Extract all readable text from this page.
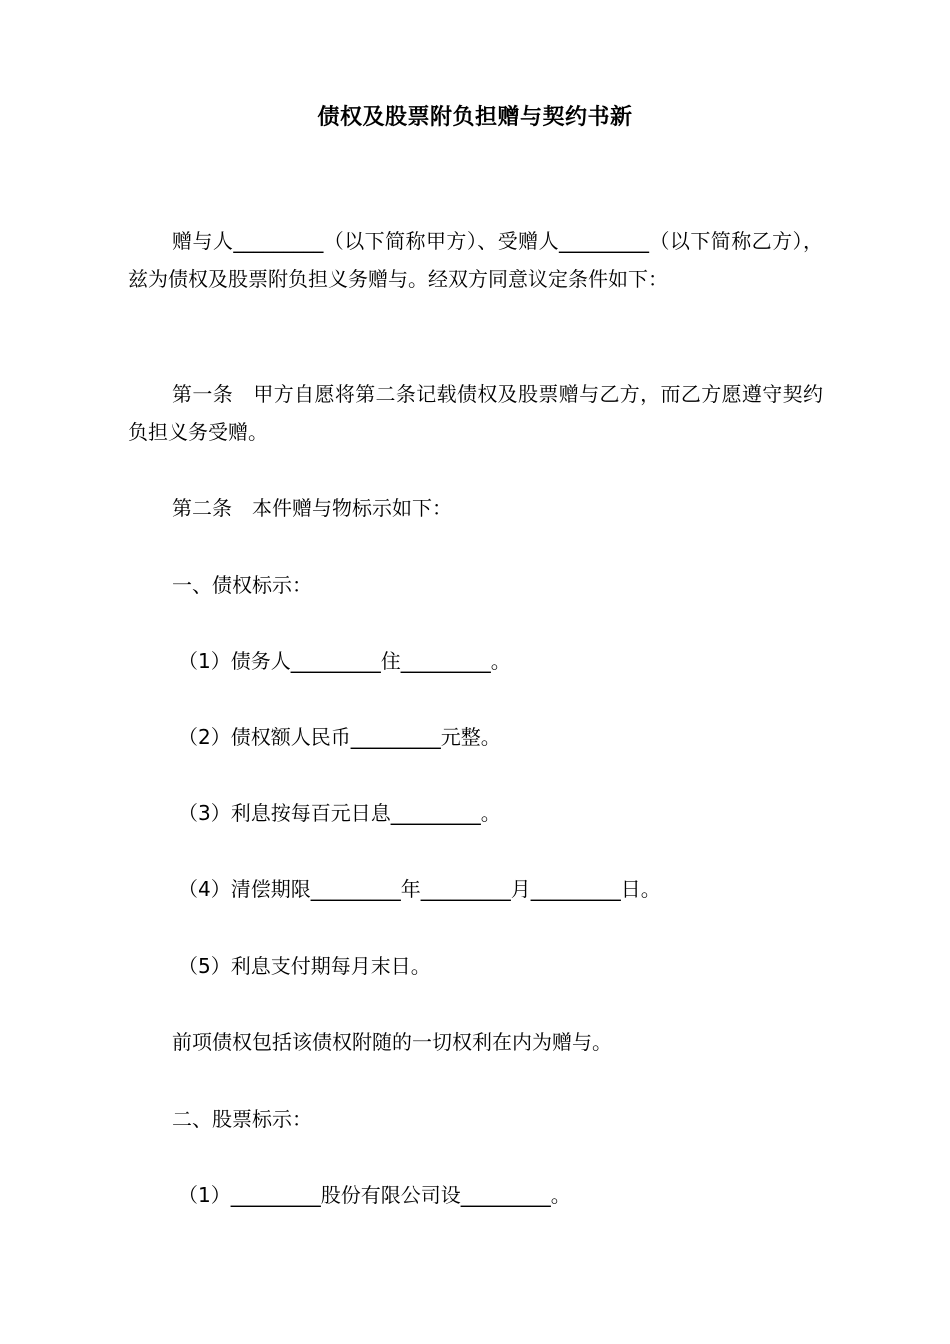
债权及股票附负担赠与契约书新
赠与人_________（以下简称甲方）、受赠人_________（以下简称乙方），兹为债权及股票附负担义务赠与。经双方同意议定条件如下：
第一条　甲方自愿将第二条记载债权及股票赠与乙方，而乙方愿遵守契约负担义务受赠。
第二条　本件赠与物标示如下：
一、债权标示：
（1）债务人_________住_________。
（2）债权额人民币_________元整。
（3）利息按每百元日息_________。
（4）清偿期限_________年_________月_________日。
（5）利息支付期每月末日。
前项债权包括该债权附随的一切权利在内为赠与。
二、股票标示：
（1）_________股份有限公司设_________。
